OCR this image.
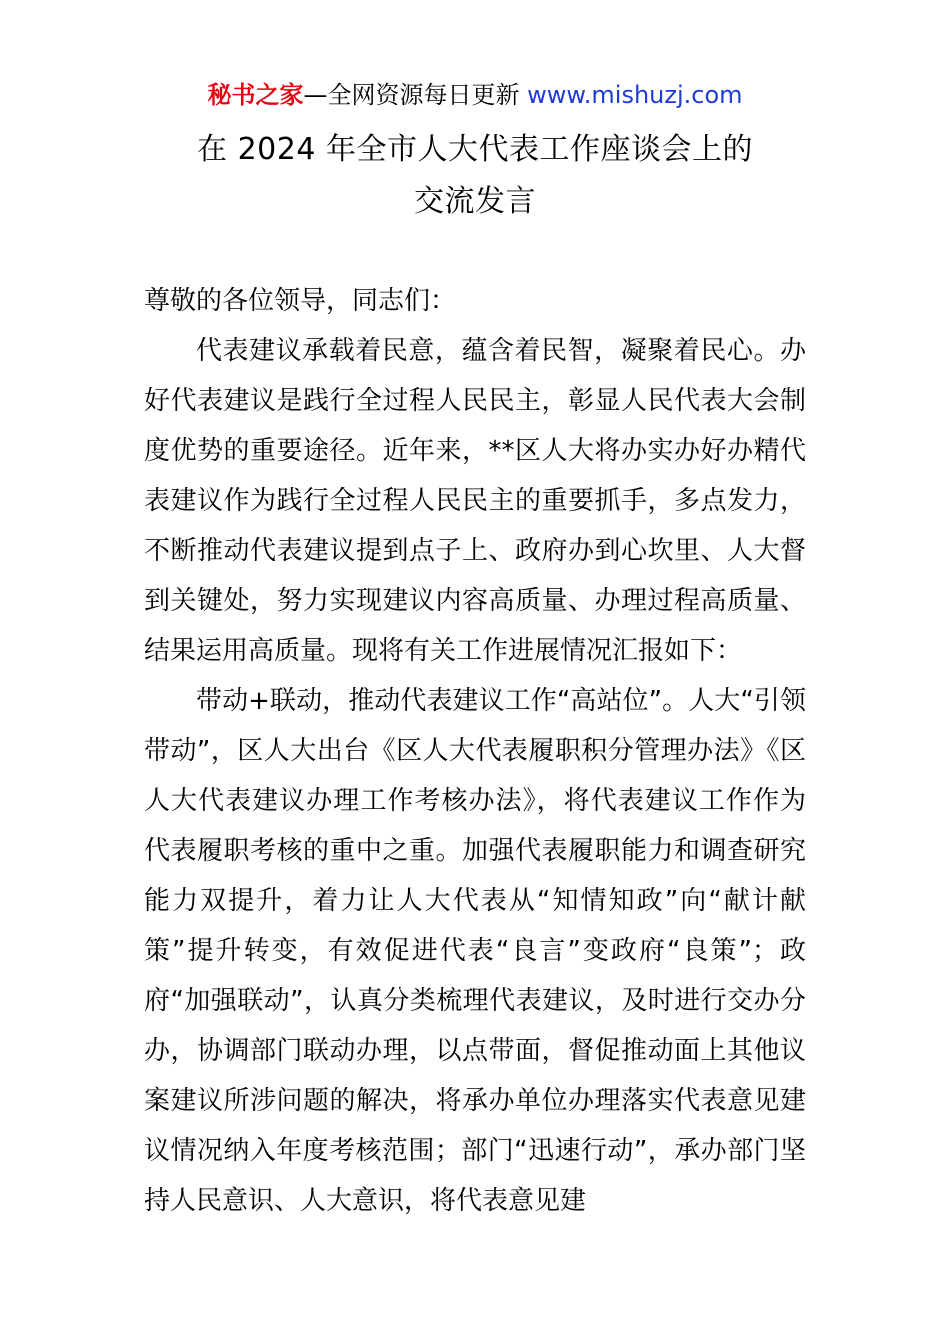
秘书之家—全网资源每日更新 www.mishuzj.com
在 2024 年全市人大代表工作座谈会上的
交流发言

尊敬的各位领导，同志们：

代表建议承载着民意，蕴含着民智，凝聚着民心。办好代表建议是践行全过程人民民主，彰显人民代表大会制度优势的重要途径。近年来，**区人大将办实办好办精代表建议作为践行全过程人民民主的重要抓手，多点发力，不断推动代表建议提到点子上、政府办到心坎里、人大督到关键处，努力实现建议内容高质量、办理过程高质量、结果运用高质量。现将有关工作进展情况汇报如下：

带动+联动，推动代表建议工作“高站位”。人大“引领带动”，区人大出台《区人大代表履职积分管理办法》《区人大代表建议办理工作考核办法》，将代表建议工作作为代表履职考核的重中之重。加强代表履职能力和调查研究能力双提升，着力让人大代表从“知情知政”向“献计献策”提升转变，有效促进代表“良言”变政府“良策”；政府“加强联动”，认真分类梳理代表建议，及时进行交办分办，协调部门联动办理，以点带面，督促推动面上其他议案建议所涉问题的解决，将承办单位办理落实代表意见建议情况纳入年度考核范围；部门“迅速行动”，承办部门坚持人民意识、人大意识，将代表意见建
